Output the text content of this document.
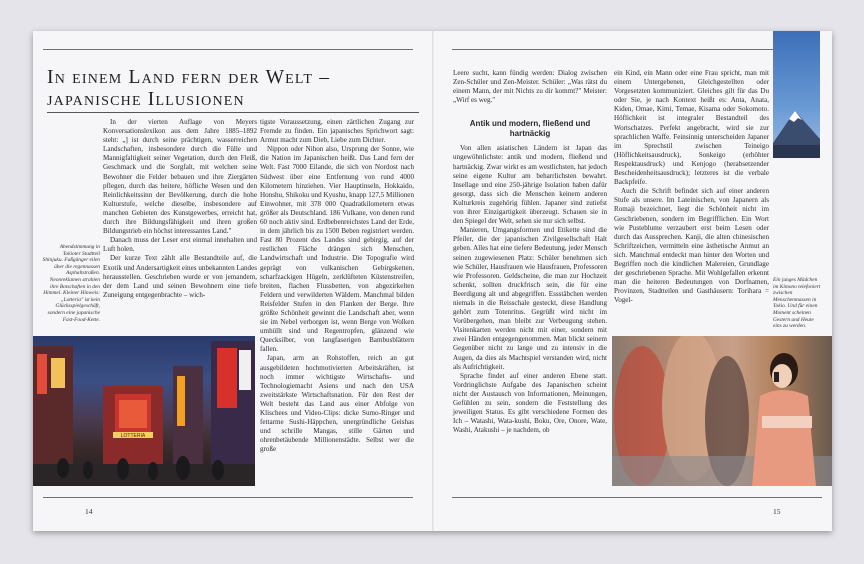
In einem Land fern der Welt –
japanische Illusionen
Abendstimmung in Tokioter Stadtteil Shinjuku. Fußgänger eilen über die regennassen Asphaltstraßen. Neonreklamen strahlen ihre Botschaften in den Himmel. Kleiner Hinweis: „Lotteria" ist kein Glücksspielgeschäft, sondern eine japanische Fast-Food-Kette.

In der vierten Auflage von Meyers Konversationslexikon aus dem Jahre 1885–1892 steht: „] ist durch seine prächtigen, wasserreichen Landschaften, insbesondere durch die Fülle und Mannigfaltigkeit seiner Vegetation, durch den Fleiß, Geschmack und die Sorgfalt, mit welchen seine Bewohner die Felder bebauen und ihre Ziergärten pflegen, durch das heitere, höfliche Wesen und den Reinlichkeitssinn der Bevölkerung, durch die hohe Kulturstufe, welche dieselbe, insbesondere auf manchen Gebieten des Kunstgewerbes, erreicht hat, durch ihre Bildungsfähigkeit und ihren großen Bildungstrieb ein höchst interessantes Land."

Danach muss der Leser erst einmal innehalten und Luft holen.

Der kurze Text zählt alle Bestandteile auf, die Exotik und Andersartigkeit eines unbekannten Landes herausstellen. Geschrieben wurde er von jemandem, der dem Land und seinen Bewohnern eine tiefe Zuneigung entgegenbrachte – wich-

tigste Voraussetzung, einen zärtlichen Zugang zur Fremde zu finden. Ein japanisches Sprichwort sagt: Armut macht zum Dieb, Liebe zum Dichter.

Nippon oder Nihon also, Ursprung der Sonne, wie die Nation im Japanischen heißt. Das Land fern der Welt. Fast 7000 Eilande, die sich von Nordost nach Südwest über eine Entfernung von rund 4000 Kilometern hinziehen. Vier Hauptinseln, Hokkaido, Honshu, Shikoku und Kyushu, knapp 127,5 Millionen Einwohner, mit 378 000 Quadratkilometern etwas größer als Deutschland. 186 Vulkane, von denen rund 60 noch aktiv sind. Erdbebenreichstes Land der Erde, in dem jährlich bis zu 1500 Beben registriert werden. Fast 80 Prozent des Landes sind gebirgig, auf der restlichen Fläche drängen sich Menschen, Landwirtschaft und Industrie. Die Topografie wird geprägt von vulkanischen Gebirgsketten, scharfzackigen Hügeln, zerklüfteten Küstenstreifen, breiten, flachen Flussbetten, von abgezirkelten Feldern und verwilderten Wäldern. Manchmal bilden Reisfelder Stufen in den Flanken der Berge. Ihre größte Schönheit gewinnt die Landschaft aber, wenn sie im Nebel verborgen ist, wenn Berge von Wolken umhüllt sind und Regentropfen, glänzend wie Quecksilber, von langfaserigen Bambusblättern fallen.

Japan, arm an Rohstoffen, reich an gut ausgebildeten hochmotivierten Arbeitskräften, ist noch immer wichtigste Wirtschafts- und Technologiemacht Asiens und nach den USA zweitstärkste Wirtschaftsnation. Für den Rest der Welt besteht das Land aus einer Abfolge von Klischees und Video-Clips: dicke Sumo-Ringer und fettarme Sushi-Häppchen, unergründliche Geishas und schrille Mangas, stille Gärten und ohrenbetäubende Millionenstädte. Selbst wer die große

LOTTERIA
14

Leere sucht, kann fündig werden: Dialog zwischen Zen-Schüler und Zen-Meister. Schüler: „Was rätst du einem Mann, der mit Nichts zu dir kommt?" Meister: „Wirf es weg."

Antik und modern, fließend und hartnäckig

Von allen asiatischen Ländern ist Japan das ungewöhnlichste: antik und modern, fließend und hartnäckig. Zwar wirkt es am westlichsten, hat jedoch seine eigene Kultur am beharrlichsten bewahrt. Insellage und eine 250-jährige Isolation haben dafür gesorgt, dass sich die Menschen keinem anderen Kulturkreis zugehörig fühlen. Japaner sind zutiefst von ihrer Einzigartigkeit überzeugt. Schauen sie in den Spiegel der Welt, sehen sie nur sich selbst.

Manieren, Umgangsformen und Etikette sind die Pfeiler, die der japanischen Zivilgesellschaft Halt geben. Alles hat eine tiefere Bedeutung, jeder Mensch seinen zugewiesenen Platz: Schüler benehmen sich wie Schüler, Hausfrauen wie Hausfrauen, Professoren wie Professoren. Geldscheine, die man zur Hochzeit schenkt, sollten druckfrisch sein, die für eine Beerdigung alt und abgegriffen. Essstäbchen werden niemals in die Reisschale gesteckt, diese Handlung gehört zum Totenritus. Gegrüßt wird nicht im Vorübergehen, man bleibt zur Verbeugung stehen. Visitenkarten werden nicht mit einer, sondern mit zwei Händen entgegengenommen. Man blickt seinem Gegenüber nicht zu lange und zu intensiv in die Augen, da dies als Machtspiel verstanden wird, nicht als Aufrichtigkeit.

Sprache findet auf einer anderen Ebene statt. Vordringlichste Aufgabe des Japanischen scheint nicht der Austausch von Informationen, Meinungen, Gefühlen zu sein, sondern die Feststellung des jeweiligen Status. Es gibt verschiedene Formen des Ich – Watashi, Wata-kushi, Boku, Ore, Onore, Wate, Washi, Atakushi – je nachdem, ob

ein Kind, ein Mann oder eine Frau spricht, man mit einem Untergebenen, Gleichgestellten oder Vorgesetzten kommuniziert. Gleiches gilt für das Du oder Sie, je nach Kontext heißt es: Anta, Anata, Kiden, Omae, Kimi, Temae, Kisama oder Sokomoto. Höflichkeit ist integraler Bestandteil des Wortschatzes. Perfekt angebracht, wird sie zur sprachlichen Waffe. Feinsinnig unterscheiden Japaner im Sprechstil zwischen Teineigo (Höflichkeitsausdruck), Sonkeigo (erhöhter Respektausdruck) und Kenjogo (herabsetzender Bescheidenheitsausdruck); letzteres ist die verbale Backpfeife.

Auch die Schrift befindet sich auf einer anderen Stufe als unsere. Im Lateinischen, von Japanern als Romaji bezeichnet, liegt die Schönheit nicht im Geschriebenen, sondern im Begrifflichen. Ein Wort wie Pusteblume verzaubert erst beim Lesen oder durch das Aussprechen. Kanji, die alten chinesischen Schriftzeichen, vermitteln eine ästhetische Anmut an sich. Manchmal entdeckt man hinter den Worten und Begriffen noch die kindlichen Malereien, Grundlage der geschriebenen Sprache. Mit Wohlgefallen erkennt man die heiteren Bedeutungen von Dorfnamen, Provinzen, Stadtteilen und Gasthäusern: Torihara = Vogel-

Ein junges Mädchen im Kimono telefoniert zwischen Menschenmassen in Tokio. Und für einen Moment scheinen Gestern und Heute eins zu werden.
15
